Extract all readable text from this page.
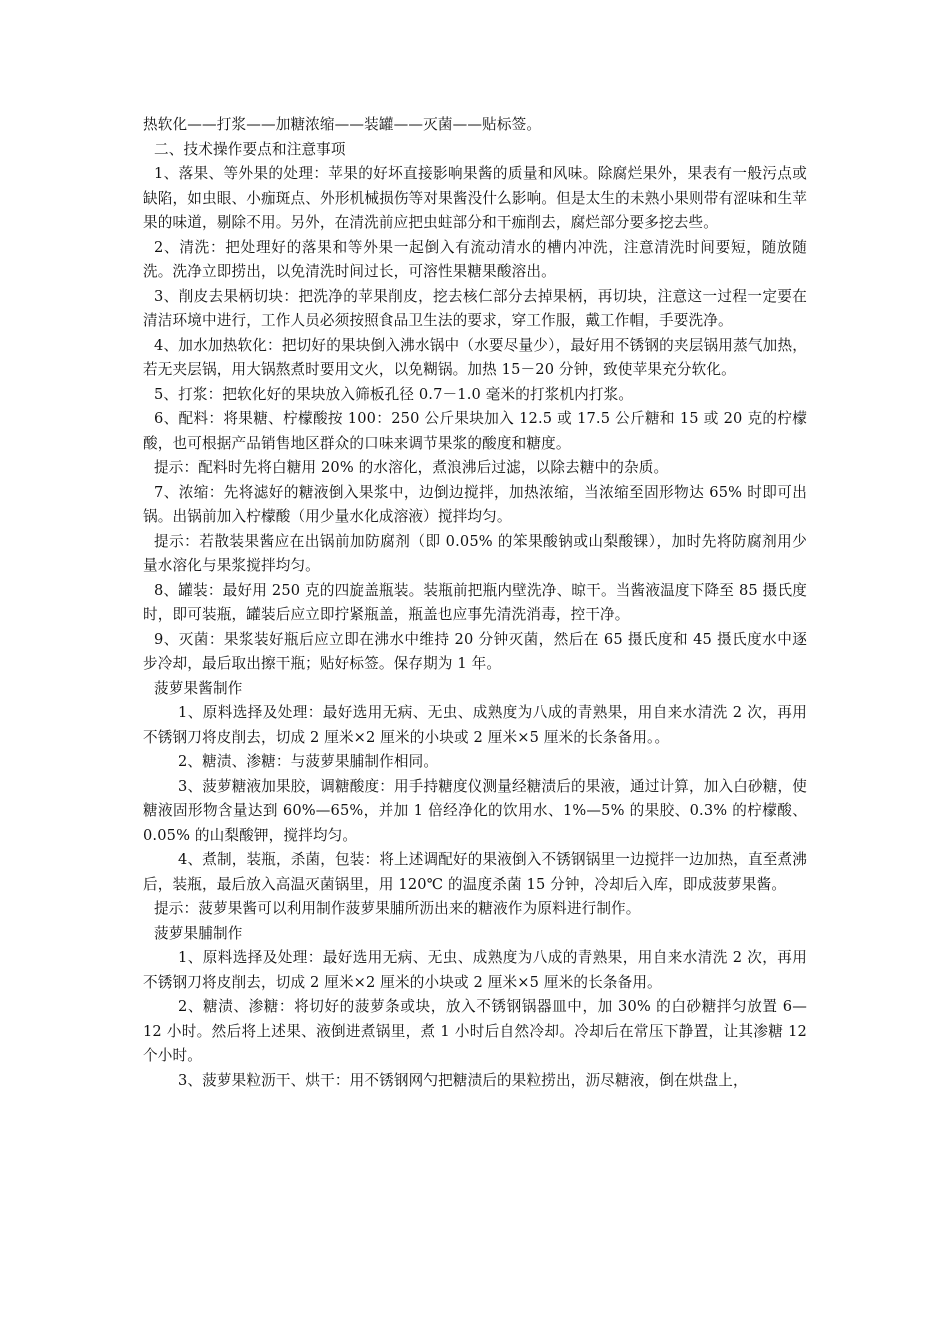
热软化——打浆——加糖浓缩——装罐——灭菌——贴标签。

二、技术操作要点和注意事项

1、落果、等外果的处理：苹果的好坏直接影响果酱的质量和风味。除腐烂果外，果表有一般污点或缺陷，如虫眼、小痂斑点、外形机械损伤等对果酱没什么影响。但是太生的未熟小果则带有涩味和生苹果的味道，剔除不用。另外，在清洗前应把虫蛀部分和干痂削去，腐烂部分要多挖去些。

2、清洗：把处理好的落果和等外果一起倒入有流动清水的槽内冲洗，注意清洗时间要短，随放随洗。洗净立即捞出，以免清洗时间过长，可溶性果糖果酸溶出。

3、削皮去果柄切块：把洗净的苹果削皮，挖去核仁部分去掉果柄，再切块，注意这一过程一定要在清洁环境中进行，工作人员必须按照食品卫生法的要求，穿工作服，戴工作帽，手要洗净。

4、加水加热软化：把切好的果块倒入沸水锅中（水要尽量少），最好用不锈钢的夹层锅用蒸气加热，若无夹层锅，用大锅熬煮时要用文火，以免糊锅。加热 15－20 分钟，致使苹果充分软化。

5、打浆：把软化好的果块放入筛板孔径 0.7－1.0 毫米的打浆机内打浆。

6、配料：将果糖、柠檬酸按 100：250 公斤果块加入 12.5 或 17.5 公斤糖和 15 或 20 克的柠檬酸，也可根据产品销售地区群众的口味来调节果浆的酸度和糖度。

提示：配料时先将白糖用 20% 的水溶化，煮浪沸后过滤，以除去糖中的杂质。

7、浓缩：先将滤好的糖液倒入果浆中，边倒边搅拌，加热浓缩，当浓缩至固形物达 65% 时即可出锅。出锅前加入柠檬酸（用少量水化成溶液）搅拌均匀。

提示：若散装果酱应在出锅前加防腐剂（即 0.05% 的笨果酸钠或山梨酸锞），加时先将防腐剂用少量水溶化与果浆搅拌均匀。

8、罐装：最好用 250 克的四旋盖瓶装。装瓶前把瓶内壁洗净、晾干。当酱液温度下降至 85 摄氏度时，即可装瓶，罐装后应立即拧紧瓶盖，瓶盖也应事先清洗消毒，控干净。

9、灭菌：果浆装好瓶后应立即在沸水中维持 20 分钟灭菌，然后在 65 摄氏度和 45 摄氏度水中逐步冷却，最后取出擦干瓶；贴好标签。保存期为 1 年。

菠萝果酱制作

1、原料选择及处理：最好选用无病、无虫、成熟度为八成的青熟果，用自来水清洗 2 次，再用不锈钢刀将皮削去，切成 2 厘米×2 厘米的小块或 2 厘米×5 厘米的长条备用。。

2、糖渍、渗糖：与菠萝果脯制作相同。

3、菠萝糖液加果胶，调糖酸度：用手持糖度仪测量经糖渍后的果液，通过计算，加入白砂糖，使糖液固形物含量达到 60%—65%，并加 1 倍经净化的饮用水、1%—5% 的果胶、0.3% 的柠檬酸、0.05% 的山梨酸钾，搅拌均匀。

4、煮制，装瓶，杀菌，包装：将上述调配好的果液倒入不锈钢锅里一边搅拌一边加热，直至煮沸后，装瓶，最后放入高温灭菌锅里，用 120℃ 的温度杀菌 15 分钟，冷却后入库，即成菠萝果酱。

提示：菠萝果酱可以利用制作菠萝果脯所沥出来的糖液作为原料进行制作。

菠萝果脯制作

1、原料选择及处理：最好选用无病、无虫、成熟度为八成的青熟果，用自来水清洗 2 次，再用不锈钢刀将皮削去，切成 2 厘米×2 厘米的小块或 2 厘米×5 厘米的长条备用。

2、糖渍、渗糖：将切好的菠萝条或块，放入不锈钢锅器皿中，加 30% 的白砂糖拌匀放置 6—12 小时。然后将上述果、液倒进煮锅里，煮 1 小时后自然冷却。冷却后在常压下静置，让其渗糖 12 个小时。

3、菠萝果粒沥干、烘干：用不锈钢网勺把糖渍后的果粒捞出，沥尽糖液，倒在烘盘上，
